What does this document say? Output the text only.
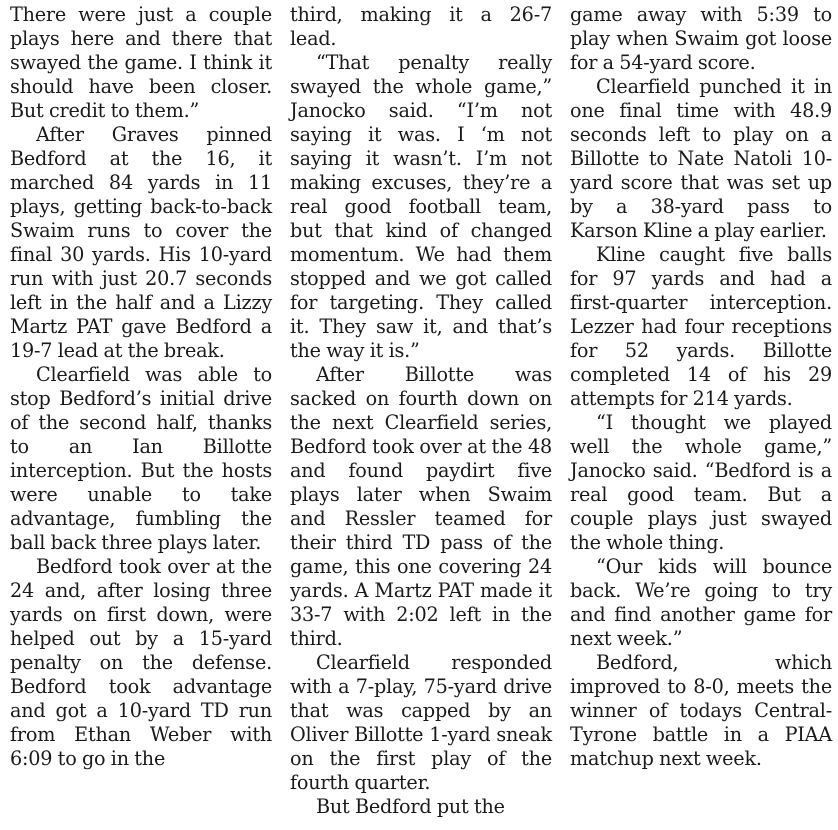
There were just a couple plays here and there that swayed the game. I think it should have been closer. But credit to them.”

After Graves pinned Bedford at the 16, it marched 84 yards in 11 plays, getting back-to-back Swaim runs to cover the final 30 yards. His 10-yard run with just 20.7 seconds left in the half and a Lizzy Martz PAT gave Bedford a 19-7 lead at the break.

Clearfield was able to stop Bedford’s initial drive of the second half, thanks to an Ian Billotte interception. But the hosts were unable to take advantage, fumbling the ball back three plays later.

Bedford took over at the 24 and, after losing three yards on first down, were helped out by a 15-yard penalty on the defense. Bedford took advantage and got a 10-yard TD run from Ethan Weber with 6:09 to go in the

third, making it a 26-7 lead.

“That penalty really swayed the whole game,” Janocko said. “I’m not saying it was. I ‘m not saying it wasn’t. I’m not making excuses, they’re a real good football team, but that kind of changed momentum. We had them stopped and we got called for targeting. They called it. They saw it, and that’s the way it is.”

After Billotte was sacked on fourth down on the next Clearfield series, Bedford took over at the 48 and found paydirt five plays later when Swaim and Ressler teamed for their third TD pass of the game, this one covering 24 yards. A Martz PAT made it 33-7 with 2:02 left in the third.

Clearfield responded with a 7-play, 75-yard drive that was capped by an Oliver Billotte 1-yard sneak on the first play of the fourth quarter.

But Bedford put the

game away with 5:39 to play when Swaim got loose for a 54-yard score.

Clearfield punched it in one final time with 48.9 seconds left to play on a Billotte to Nate Natoli 10-yard score that was set up by a 38-yard pass to Karson Kline a play earlier.

Kline caught five balls for 97 yards and had a first-quarter interception. Lezzer had four receptions for 52 yards. Billotte completed 14 of his 29 attempts for 214 yards.

“I thought we played well the whole game,” Janocko said. “Bedford is a real good team. But a couple plays just swayed the whole thing.

“Our kids will bounce back. We’re going to try and find another game for next week.”

Bedford, which improved to 8-0, meets the winner of todays Central-Tyrone battle in a PIAA matchup next week.
